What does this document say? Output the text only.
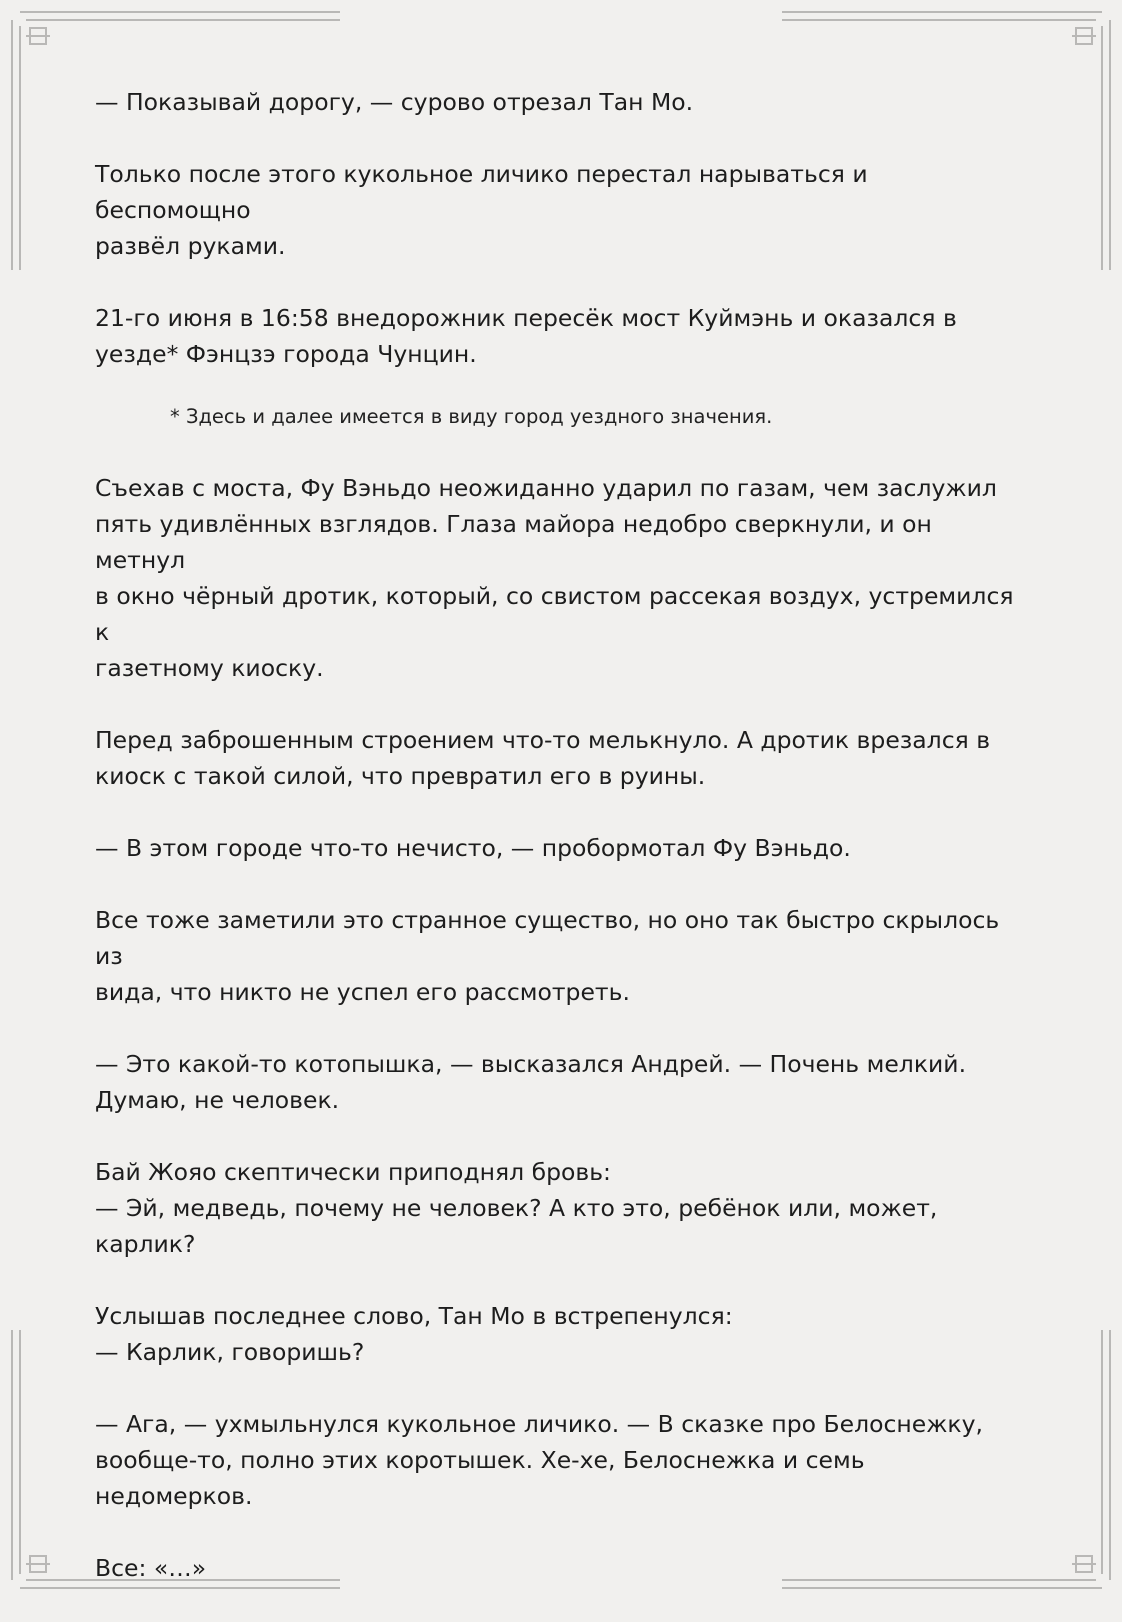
— Показывай дорогу, — сурово отрезал Тан Мо.

Только после этого кукольное личико перестал нарываться и беспомощно
развёл руками.

21-го июня в 16:58 внедорожник пересёк мост Куймэнь и оказался в
уезде* Фэнцзэ города Чунцин.

* Здесь и далее имеется в виду город уездного значения.

Съехав с моста, Фу Вэньдо неожиданно ударил по газам, чем заслужил
пять удивлённых взглядов. Глаза майора недобро сверкнули, и он метнул
в окно чёрный дротик, который, со свистом рассекая воздух, устремился к
газетному киоску.

Перед заброшенным строением что-то мелькнуло. А дротик врезался в
киоск с такой силой, что превратил его в руины.

— В этом городе что-то нечисто, — пробормотал Фу Вэньдо.

Все тоже заметили это странное существо, но оно так быстро скрылось из
вида, что никто не успел его рассмотреть.

— Это какой-то котопышка, — высказался Андрей. — Почень мелкий.
Думаю, не человек.

Бай Жояо скептически приподнял бровь:
— Эй, медведь, почему не человек? А кто это, ребёнок или, может,
карлик?

Услышав последнее слово, Тан Мо в встрепенулся:
— Карлик, говоришь?

— Ага, — ухмыльнулся кукольное личико. — В сказке про Белоснежку,
вообще-то, полно этих коротышек. Хе-хе, Белоснежка и семь
недомерков.

Все: «…»
